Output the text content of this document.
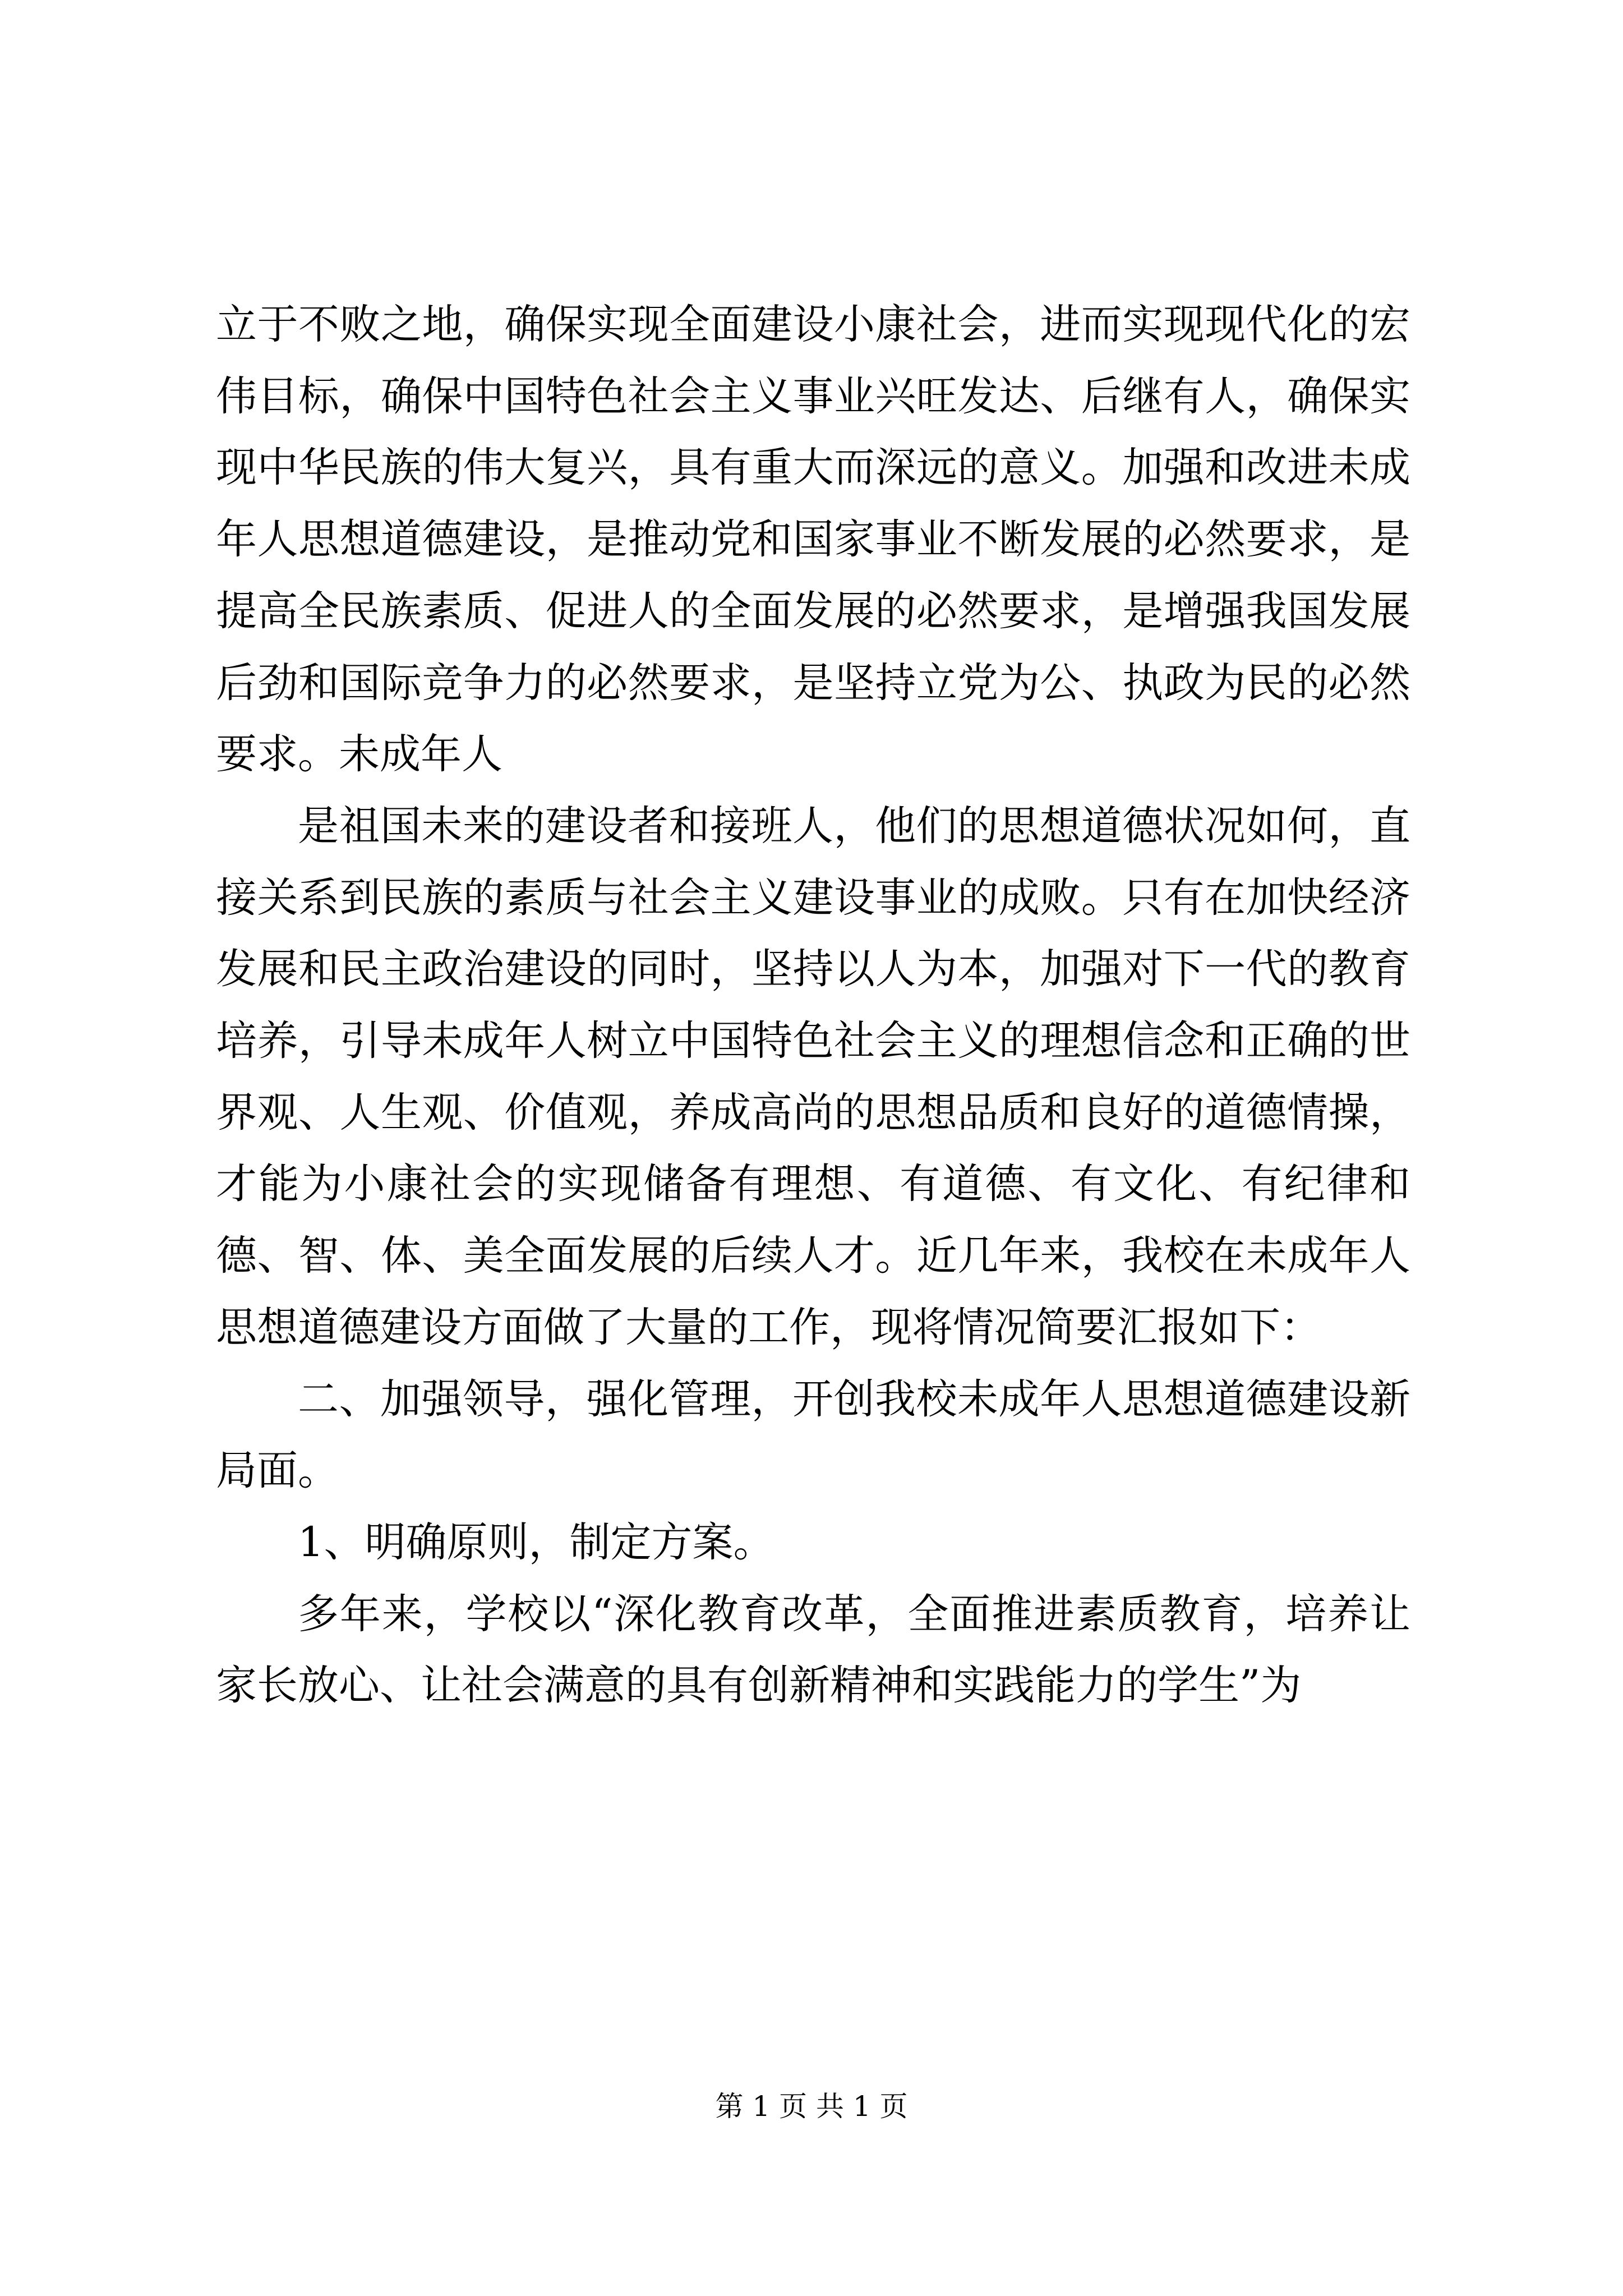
立于不败之地，确保实现全面建设小康社会，进而实现现代化的宏伟目标，确保中国特色社会主义事业兴旺发达、后继有人，确保实现中华民族的伟大复兴，具有重大而深远的意义。加强和改进未成年人思想道德建设，是推动党和国家事业不断发展的必然要求，是提高全民族素质、促进人的全面发展的必然要求，是增强我国发展后劲和国际竞争力的必然要求，是坚持立党为公、执政为民的必然要求。未成年人

是祖国未来的建设者和接班人，他们的思想道德状况如何，直接关系到民族的素质与社会主义建设事业的成败。只有在加快经济发展和民主政治建设的同时，坚持以人为本，加强对下一代的教育培养，引导未成年人树立中国特色社会主义的理想信念和正确的世界观、人生观、价值观，养成高尚的思想品质和良好的道德情操，才能为小康社会的实现储备有理想、有道德、有文化、有纪律和德、智、体、美全面发展的后续人才。近几年来，我校在未成年人思想道德建设方面做了大量的工作，现将情况简要汇报如下：

二、加强领导，强化管理，开创我校未成年人思想道德建设新局面。

1、明确原则，制定方案。

多年来，学校以“深化教育改革，全面推进素质教育，培养让家长放心、让社会满意的具有创新精神和实践能力的学生”为

第 1 页 共 1 页
